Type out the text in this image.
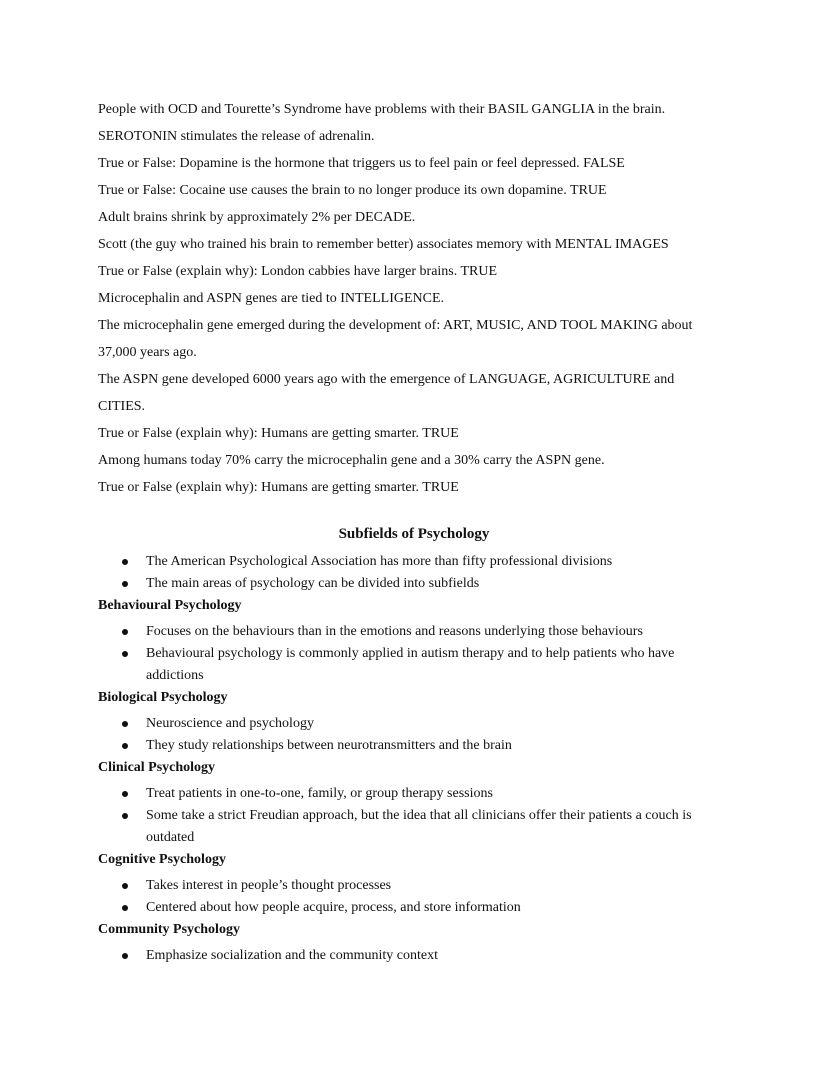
People with OCD and Tourette’s Syndrome have problems with their BASIL GANGLIA in the brain.

SEROTONIN stimulates the release of adrenalin.

True or False: Dopamine is the hormone that triggers us to feel pain or feel depressed. FALSE

True or False: Cocaine use causes the brain to no longer produce its own dopamine. TRUE

Adult brains shrink by approximately 2% per DECADE.

Scott (the guy who trained his brain to remember better) associates memory with MENTAL IMAGES

True or False (explain why): London cabbies have larger brains. TRUE

Microcephalin and ASPN genes are tied to INTELLIGENCE.

The microcephalin gene emerged during the development of: ART, MUSIC, AND TOOL MAKING about

37,000 years ago.

The ASPN gene developed 6000 years ago with the emergence of LANGUAGE, AGRICULTURE and

CITIES.

True or False (explain why): Humans are getting smarter. TRUE

Among humans today 70% carry the microcephalin gene and a 30% carry the ASPN gene.

True or False (explain why): Humans are getting smarter. TRUE

Subfields of Psychology
The American Psychological Association has more than fifty professional divisions
The main areas of psychology can be divided into subfields
Behavioural Psychology
Focuses on the behaviours than in the emotions and reasons underlying those behaviours
Behavioural psychology is commonly applied in autism therapy and to help patients who have addictions
Biological Psychology
Neuroscience and psychology
They study relationships between neurotransmitters and the brain
Clinical Psychology
Treat patients in one-to-one, family, or group therapy sessions
Some take a strict Freudian approach, but the idea that all clinicians offer their patients a couch is outdated
Cognitive Psychology
Takes interest in people’s thought processes
Centered about how people acquire, process, and store information
Community Psychology
Emphasize socialization and the community context
